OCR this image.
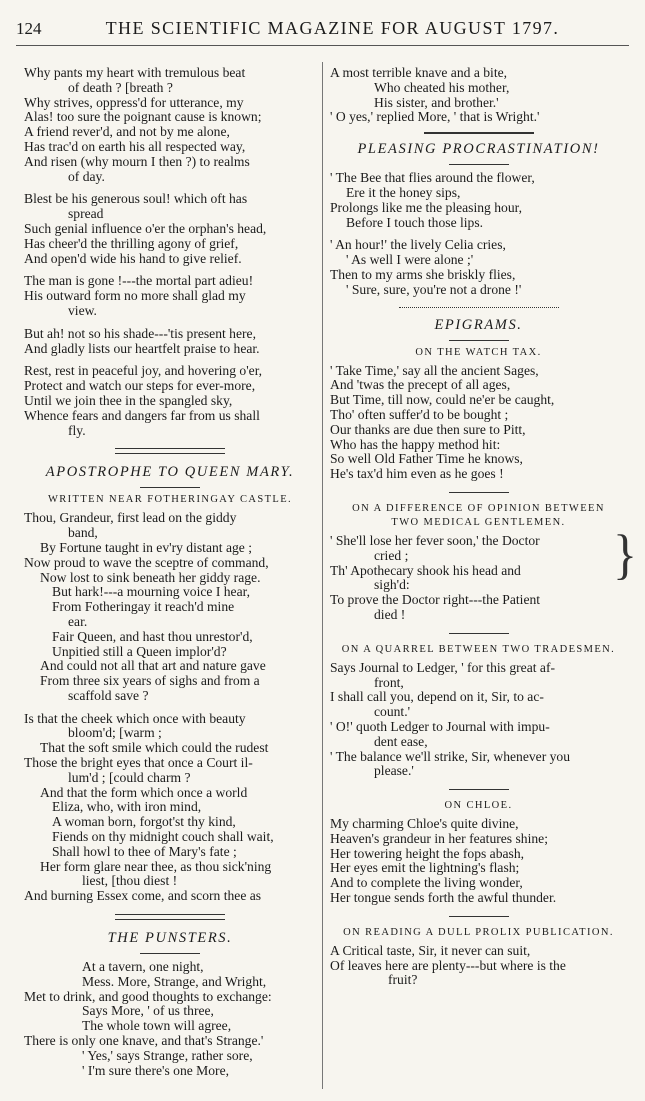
124	THE SCIENTIFIC MAGAZINE FOR AUGUST 1797.
Why pants my heart with tremulous beat
of death ? [breath ?
Why strives, oppress'd for utterance, my
Alas! too sure the poignant cause is known;
A friend rever'd, and not by me alone,
Has trac'd on earth his all respected way,
And risen (why mourn I then ?) to realms
of day.
Blest be his generous soul! which oft has
spread
Such genial influence o'er the orphan's head,
Has cheer'd the thrilling agony of grief,
And open'd wide his hand to give relief.
The man is gone !---the mortal part adieu!
His outward form no more shall glad my
view.
But ah! not so his shade---'tis present here,
And gladly lists our heartfelt praise to hear.
Rest, rest in peaceful joy, and hovering o'er,
Protect and watch our steps for ever-more,
Until we join thee in the spangled sky,
Whence fears and dangers far from us shall
fly.
APOSTROPHE TO QUEEN MARY.
WRITTEN NEAR FOTHERINGAY CASTLE.
Thou, Grandeur, first lead on the giddy
band,
By Fortune taught in ev'ry distant age ;
Now proud to wave the sceptre of command,
Now lost to sink beneath her giddy rage.
But hark!---a mourning voice I hear,
From Fotheringay it reach'd mine
ear.
Fair Queen, and hast thou unrestor'd,
Unpitied still a Queen implor'd?
And could not all that art and nature gave
From three six years of sighs and from a
scaffold save ?
Is that the cheek which once with beauty
bloom'd; [warm ;
That the soft smile which could the rudest
Those the bright eyes that once a Court il-
lum'd ; [could charm ?
And that the form which once a world
Eliza, who, with iron mind,
A woman born, forgot'st thy kind,
Fiends on thy midnight couch shall wait,
Shall howl to thee of Mary's fate ;
Her form glare near thee, as thou sick'ning
liest, [thou diest !
And burning Essex come, and scorn thee as
THE PUNSTERS.
At a tavern, one night,
Mess. More, Strange, and Wright,
Met to drink, and good thoughts to exchange:
Says More, ' of us three,
The whole town will agree,
There is only one knave, and that's Strange.'
' Yes,' says Strange, rather sore,
' I'm sure there's one More,
A most terrible knave and a bite,
Who cheated his mother,
His sister, and brother.'
' O yes,' replied More, ' that is Wright.'
PLEASING PROCRASTINATION!
' The Bee that flies around the flower,
Ere it the honey sips,
Prolongs like me the pleasing hour,
Before I touch those lips.
' An hour!' the lively Celia cries,
' As well I were alone ;'
Then to my arms she briskly flies,
' Sure, sure, you're not a drone !'
EPIGRAMS.
ON THE WATCH TAX.
' Take Time,' say all the ancient Sages,
And 'twas the precept of all ages,
But Time, till now, could ne'er be caught,
Tho' often suffer'd to be bought ;
Our thanks are due then sure to Pitt,
Who has the happy method hit:
So well Old Father Time he knows,
He's tax'd him even as he goes !
ON A DIFFERENCE OF OPINION BETWEEN
TWO MEDICAL GENTLEMEN.
' She'll lose her fever soon,' the Doctor
cried ;
Th' Apothecary shook his head and
sigh'd:
To prove the Doctor right---the Patient
died !
}
ON A QUARREL BETWEEN TWO TRADESMEN.
Says Journal to Ledger, ' for this great af-
front,
I shall call you, depend on it, Sir, to ac-
count.'
' O!' quoth Ledger to Journal with impu-
dent ease,
' The balance we'll strike, Sir, whenever you
please.'
ON CHLOE.
My charming Chloe's quite divine,
Heaven's grandeur in her features shine;
Her towering height the fops abash,
Her eyes emit the lightning's flash;
And to complete the living wonder,
Her tongue sends forth the awful thunder.
ON READING A DULL PROLIX PUBLICATION.
A Critical taste, Sir, it never can suit,
Of leaves here are plenty---but where is the
fruit?
